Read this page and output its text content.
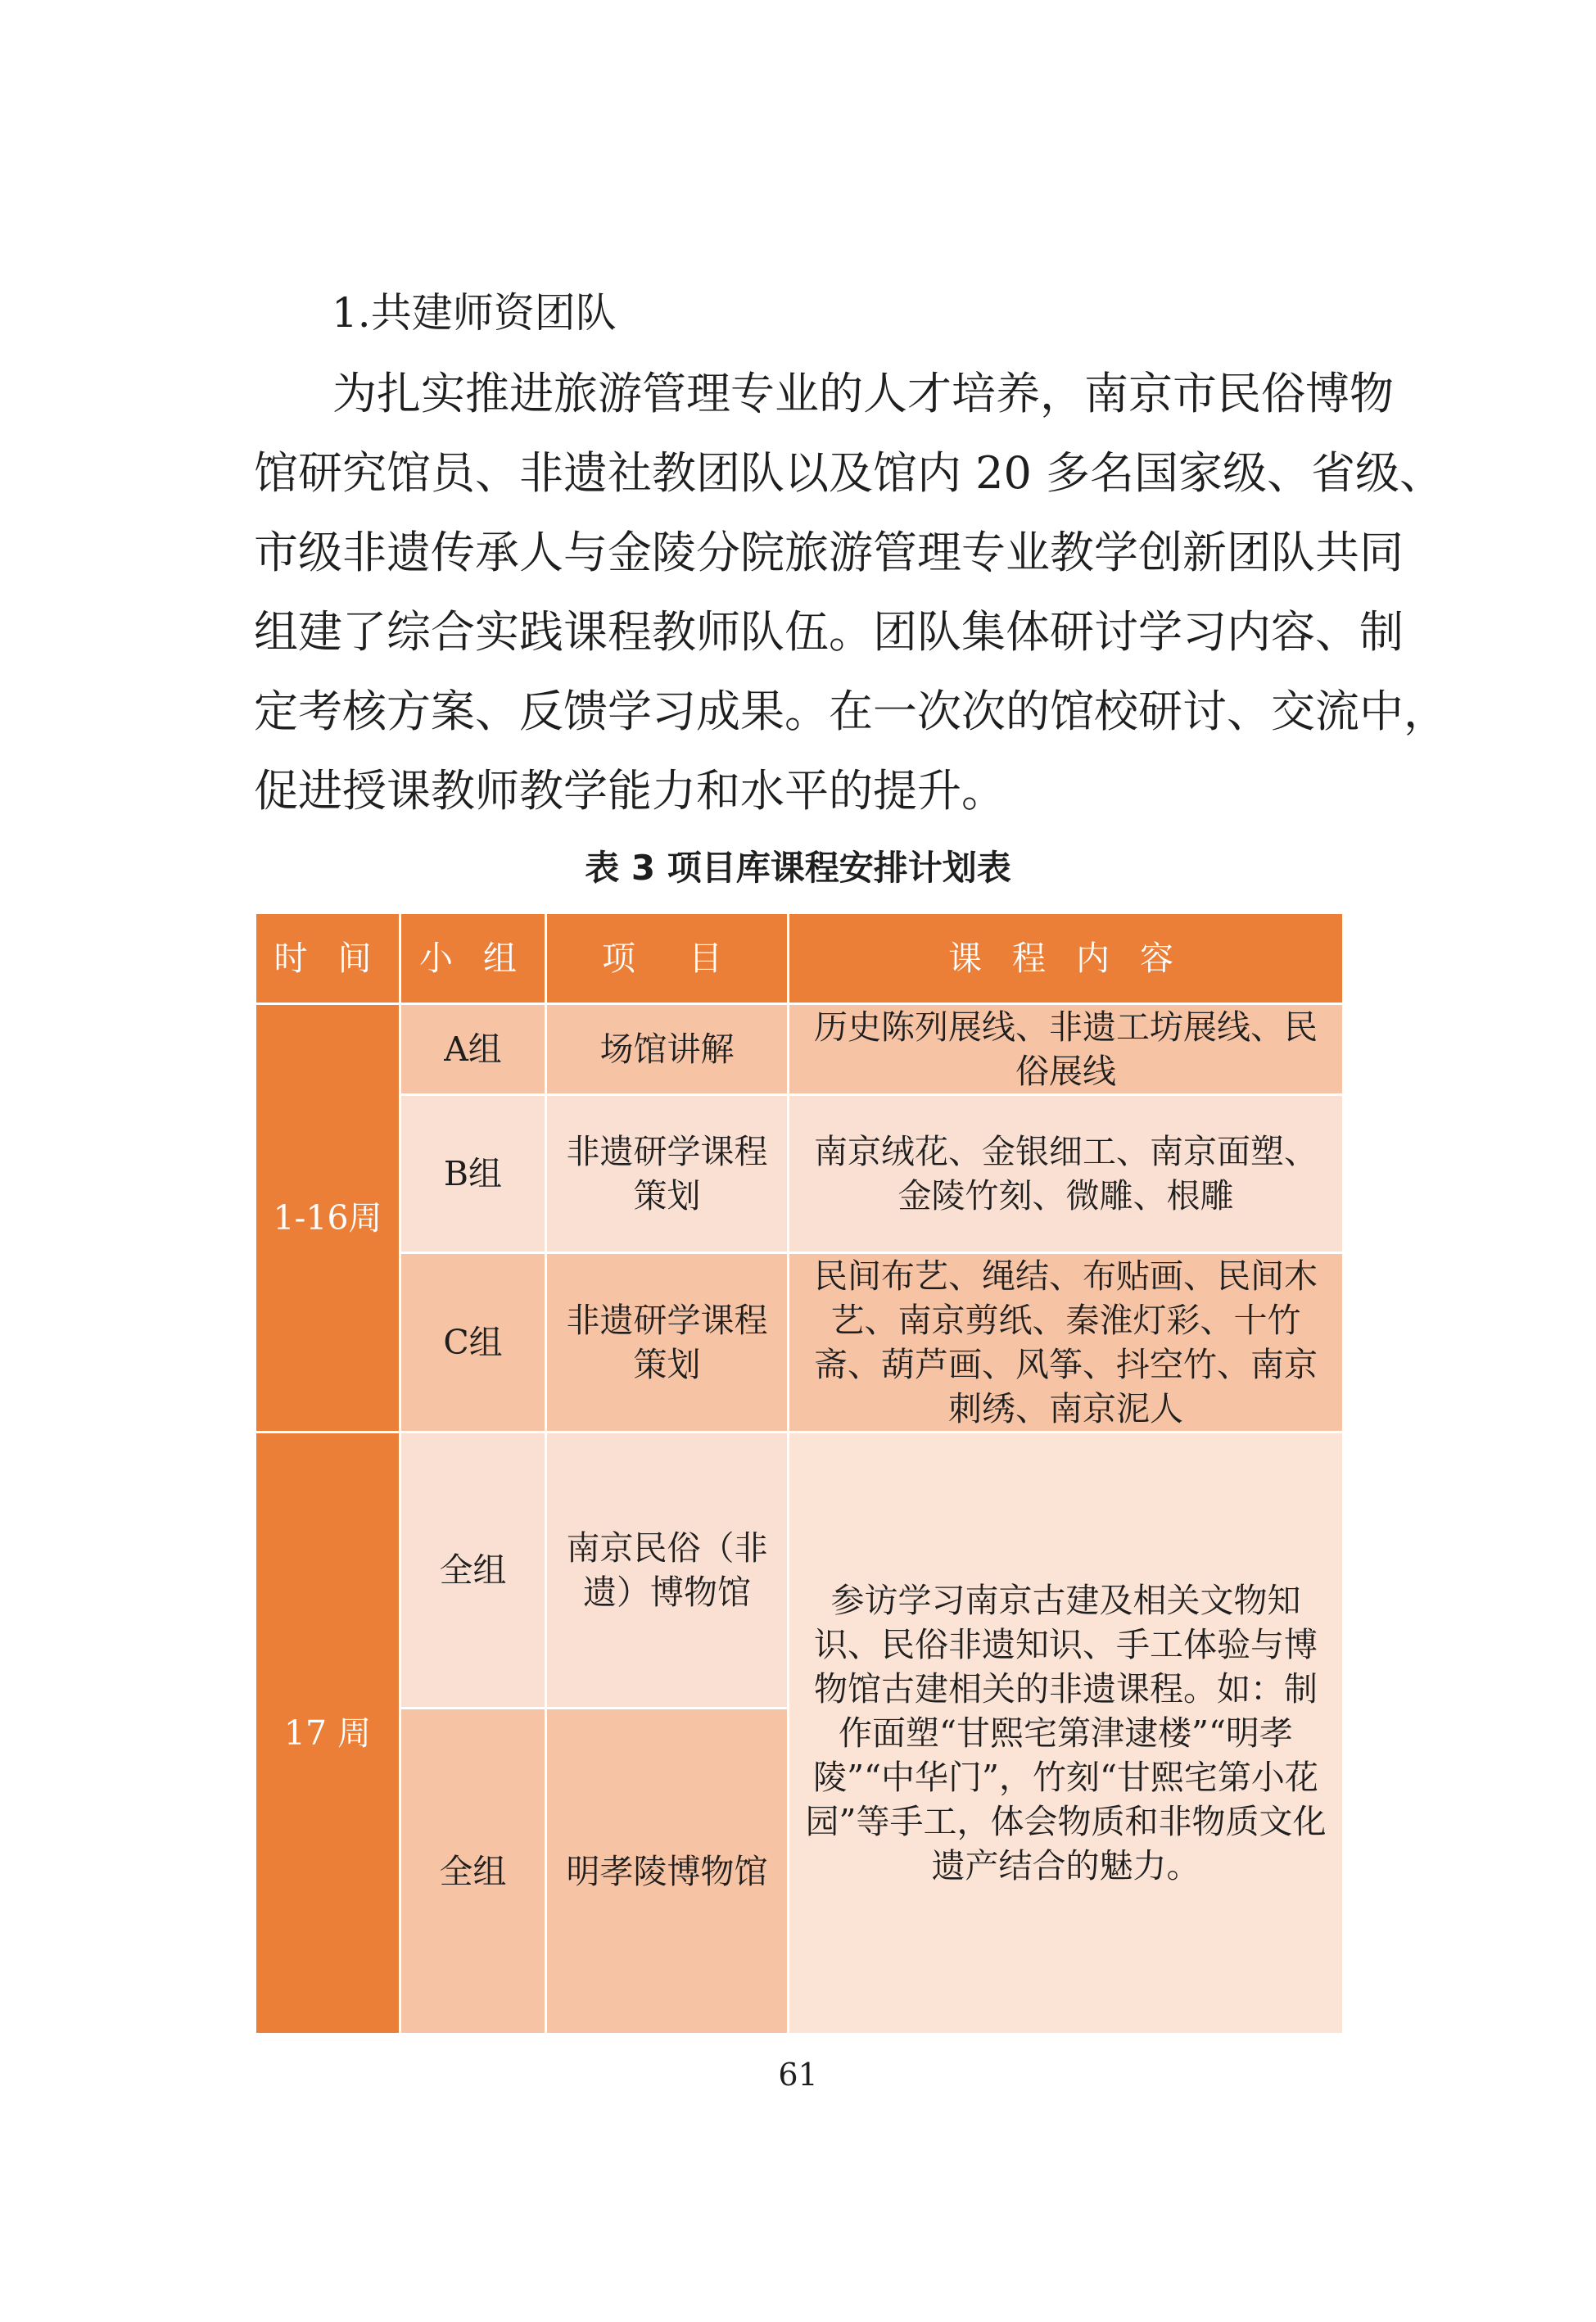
1.共建师资团队
为扎实推进旅游管理专业的人才培养，南京市民俗博物
馆研究馆员、非遗社教团队以及馆内 20 多名国家级、省级、
市级非遗传承人与金陵分院旅游管理专业教学创新团队共同
组建了综合实践课程教师队伍。团队集体研讨学习内容、制
定考核方案、反馈学习成果。在一次次的馆校研讨、交流中，
促进授课教师教学能力和水平的提升。

表 3 项目库课程安排计划表

时 间	小 组	项　目	课 程 内 容
1-16周	A组	场馆讲解	历史陈列展线、非遗工坊展线、民俗展线
	B组	非遗研学课程策划	南京绒花、金银细工、南京面塑、金陵竹刻、微雕、根雕
	C组	非遗研学课程策划	民间布艺、绳结、布贴画、民间木艺、南京剪纸、秦淮灯彩、十竹斋、葫芦画、风筝、抖空竹、南京刺绣、南京泥人
17 周	全组	南京民俗（非遗）博物馆	参访学习南京古建及相关文物知识、民俗非遗知识、手工体验与博物馆古建相关的非遗课程。如：制作面塑“甘熙宅第津逮楼”“明孝陵”“中华门”，竹刻“甘熙宅第小花园”等手工，体会物质和非物质文化遗产结合的魅力。
	全组	明孝陵博物馆	
61
